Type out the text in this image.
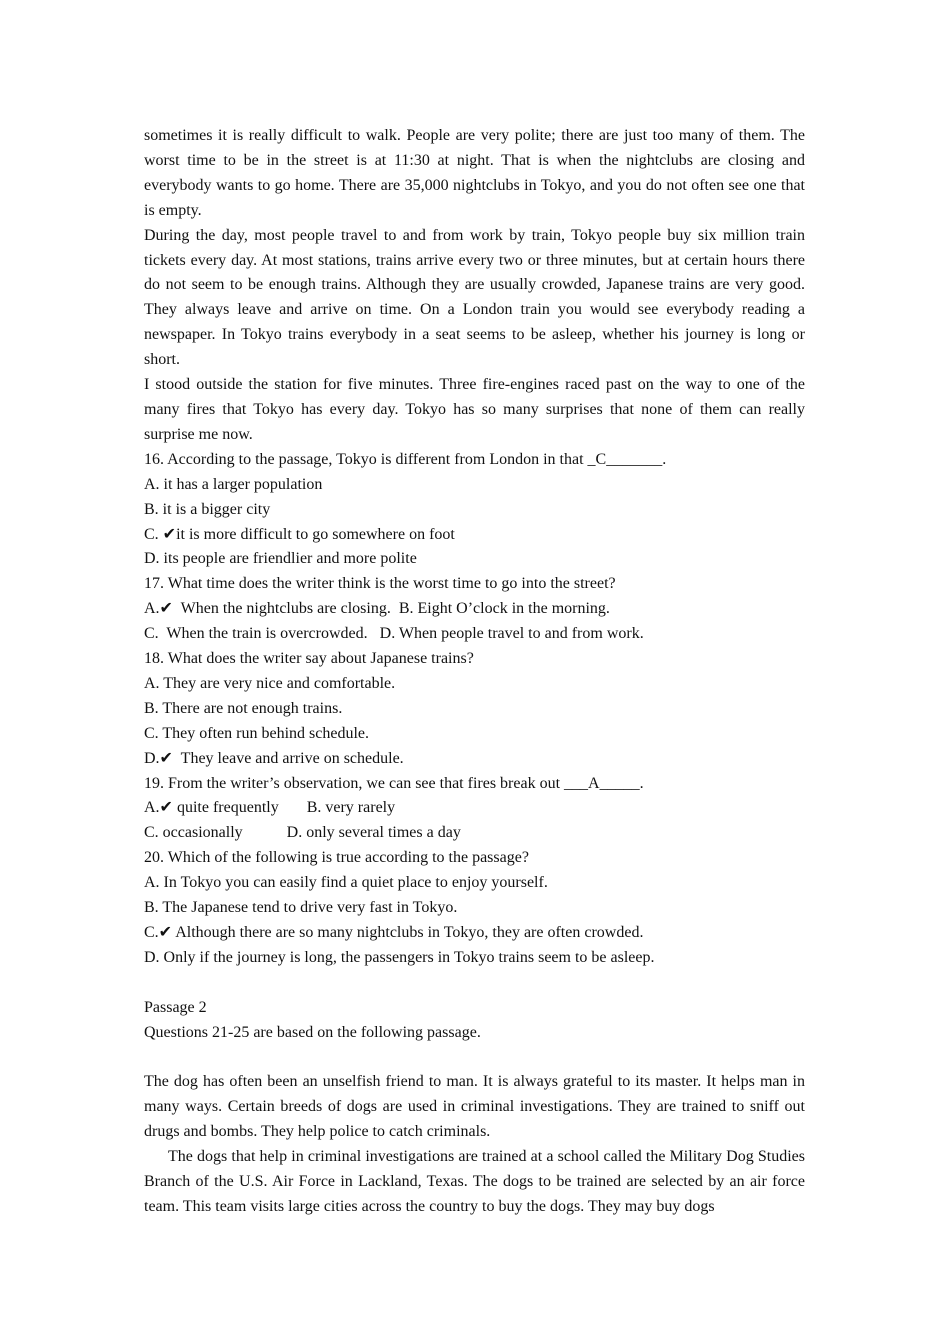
sometimes it is really difficult to walk. People are very polite; there are just too many of them. The worst time to be in the street is at 11:30 at night. That is when the nightclubs are closing and everybody wants to go home. There are 35,000 nightclubs in Tokyo, and you do not often see one that is empty.

During the day, most people travel to and from work by train, Tokyo people buy six million train tickets every day. At most stations, trains arrive every two or three minutes, but at certain hours there do not seem to be enough trains. Although they are usually crowded, Japanese trains are very good. They always leave and arrive on time. On a London train you would see everybody reading a newspaper. In Tokyo trains everybody in a seat seems to be asleep, whether his journey is long or short.

I stood outside the station for five minutes. Three fire-engines raced past on the way to one of the many fires that Tokyo has every day. Tokyo has so many surprises that none of them can really surprise me now.

16. According to the passage, Tokyo is different from London in that _C_______.

A. it has a larger population

B. it is a bigger city

C. ✔it is more difficult to go somewhere on foot

D. its people are friendlier and more polite

17. What time does the writer think is the worst time to go into the street?

A.✔  When the nightclubs are closing.  B. Eight O’clock in the morning.

C.  When the train is overcrowded.   D. When people travel to and from work.

18. What does the writer say about Japanese trains?

A. They are very nice and comfortable.

B. There are not enough trains.

C. They often run behind schedule.

D.✔  They leave and arrive on schedule.

19. From the writer’s observation, we can see that fires break out ___A_____.

A.✔ quite frequently       B. very rarely

C. occasionally           D. only several times a day

20. Which of the following is true according to the passage?

A. In Tokyo you can easily find a quiet place to enjoy yourself.

B. The Japanese tend to drive very fast in Tokyo.

C.✔ Although there are so many nightclubs in Tokyo, they are often crowded.

D. Only if the journey is long, the passengers in Tokyo trains seem to be asleep.

Passage 2

Questions 21-25 are based on the following passage.

The dog has often been an unselfish friend to man. It is always grateful to its master. It helps man in many ways. Certain breeds of dogs are used in criminal investigations. They are trained to sniff out drugs and bombs. They help police to catch criminals.

The dogs that help in criminal investigations are trained at a school called the Military Dog Studies Branch of the U.S. Air Force in Lackland, Texas. The dogs to be trained are selected by an air force team. This team visits large cities across the country to buy the dogs. They may buy dogs
